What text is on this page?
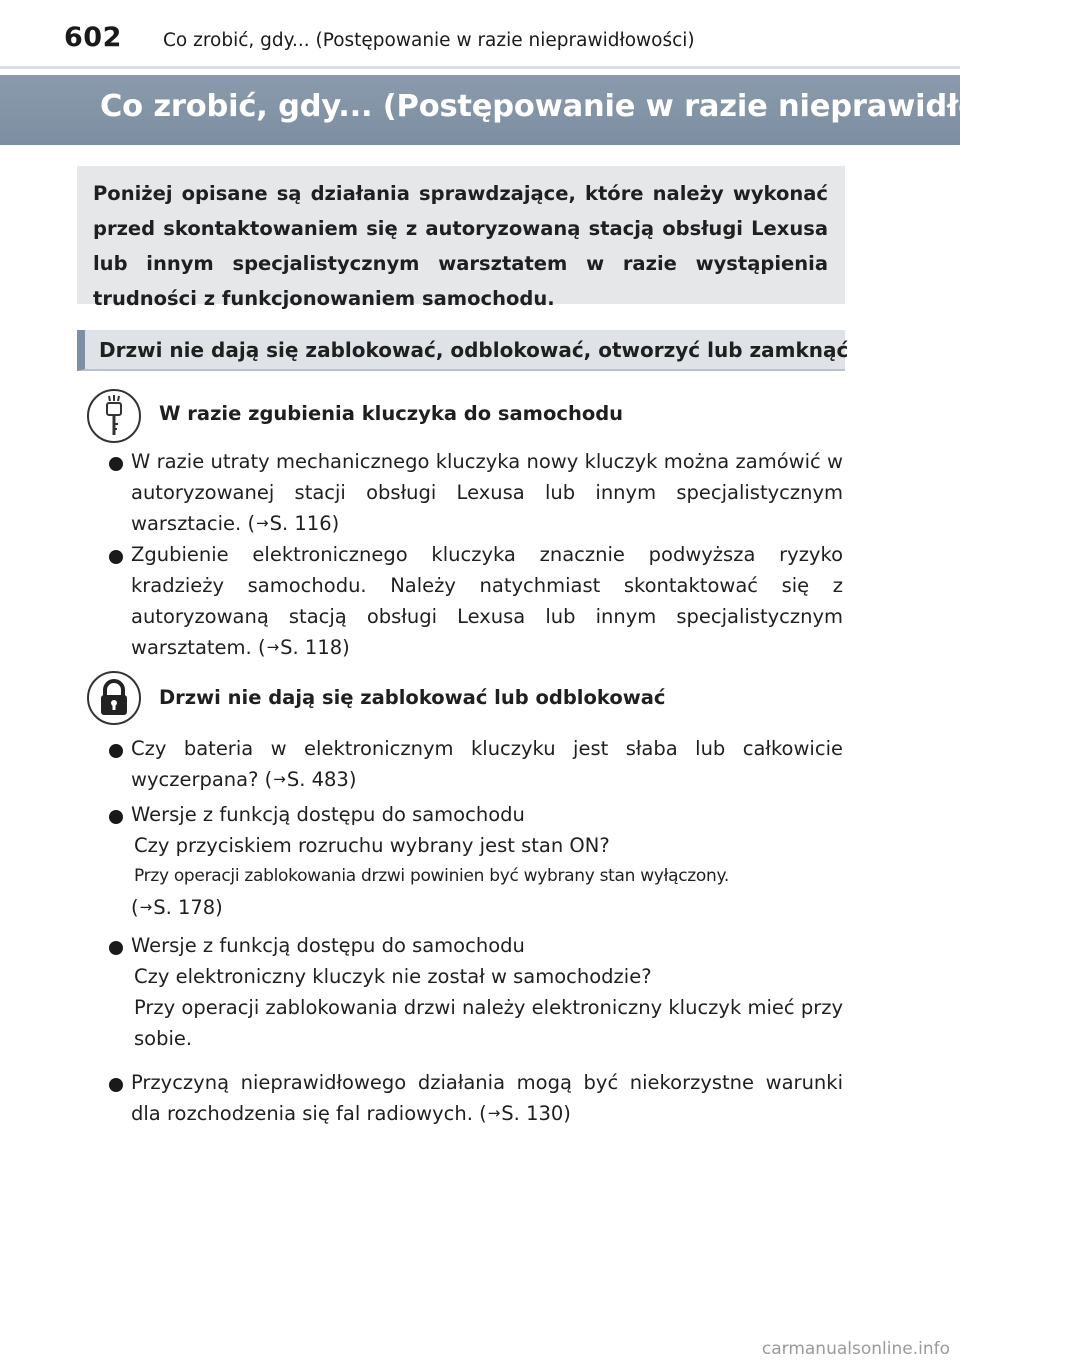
602 Co zrobić, gdy... (Postępowanie w razie nieprawidłowości)
Co zrobić, gdy... (Postępowanie w razie nieprawidłowości)
Poniżej opisane są działania sprawdzające, które należy wykonać przed skontaktowaniem się z autoryzowaną stacją obsługi Lexusa lub innym specjalistycznym warsztatem w razie wystąpienia trudności z funkcjonowaniem samochodu.
Drzwi nie dają się zablokować, odblokować, otworzyć lub zamknąć
W razie zgubienia kluczyka do samochodu
W razie utraty mechanicznego kluczyka nowy kluczyk można zamówić w autoryzowanej stacji obsługi Lexusa lub innym specjalistycznym warsztacie. (→S. 116)
Zgubienie elektronicznego kluczyka znacznie podwyższa ryzyko kradzieży samochodu. Należy natychmiast skontaktować się z autoryzowaną stacją obsługi Lexusa lub innym specjalistycznym warsztatem. (→S. 118)
Drzwi nie dają się zablokować lub odblokować
Czy bateria w elektronicznym kluczyku jest słaba lub całkowicie wyczerpana? (→S. 483)
Wersje z funkcją dostępu do samochodu

Czy przyciskiem rozruchu wybrany jest stan ON?
Przy operacji zablokowania drzwi powinien być wybrany stan wyłączony.
(→S. 178)
Wersje z funkcją dostępu do samochodu

Czy elektroniczny kluczyk nie został w samochodzie?
Przy operacji zablokowania drzwi należy elektroniczny kluczyk mieć przy sobie.
Przyczyną nieprawidłowego działania mogą być niekorzystne warunki dla rozchodzenia się fal radiowych. (→S. 130)
carmanualsonline.info
